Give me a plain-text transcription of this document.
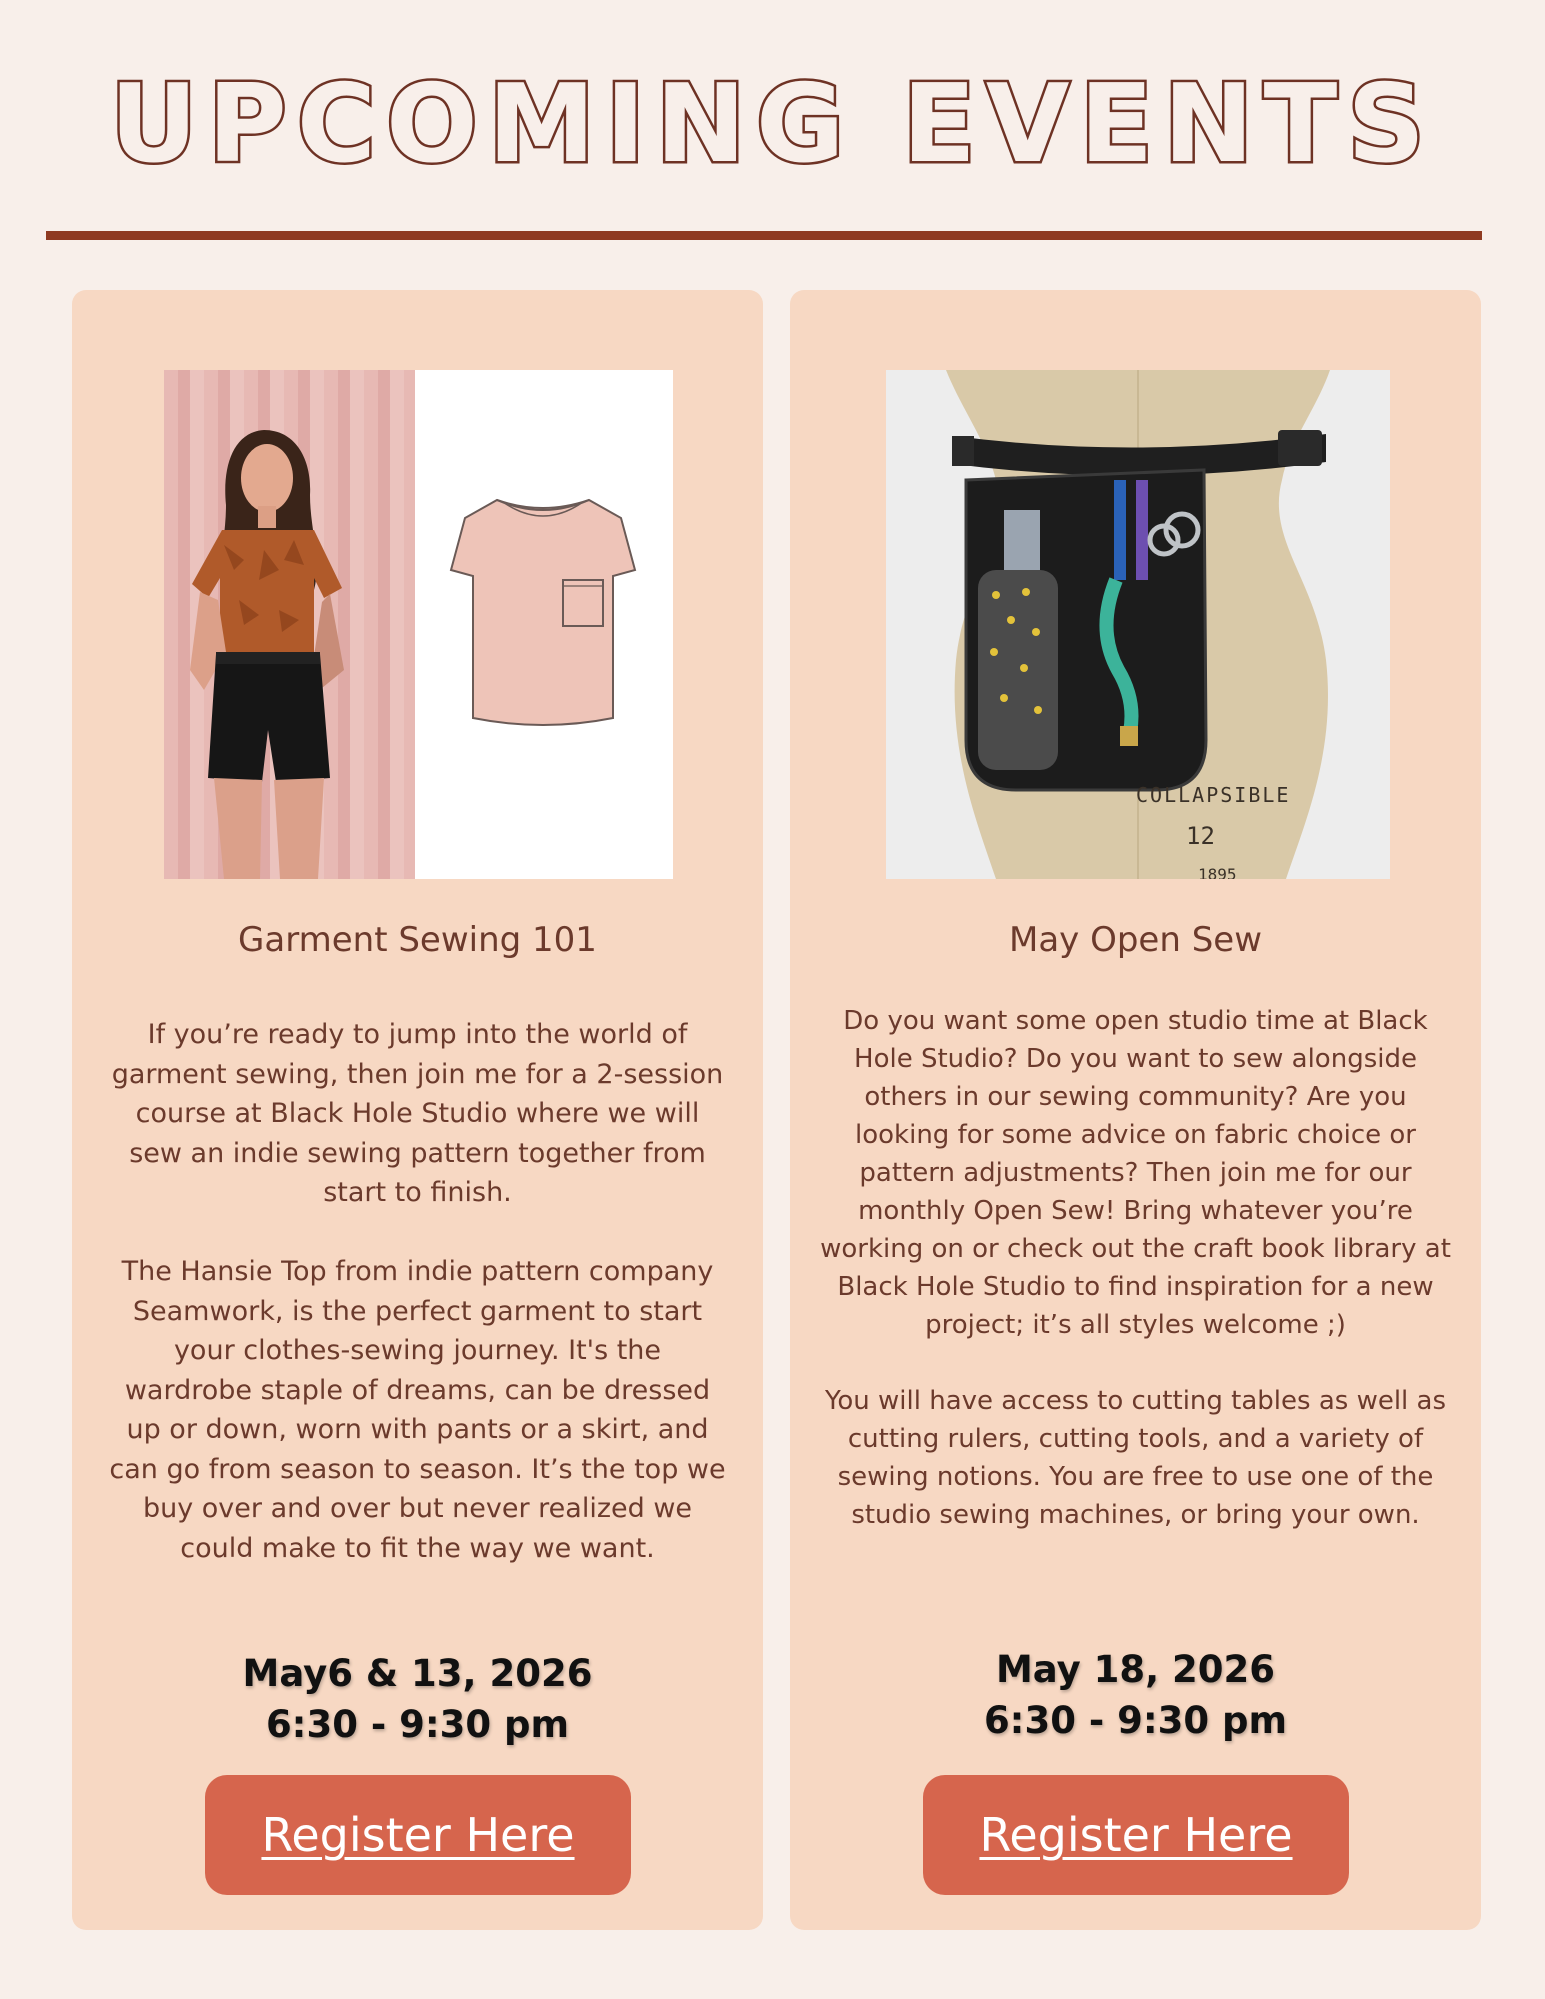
UPCOMING EVENTS
Garment Sewing 101

If you’re ready to jump into the world of garment sewing, then join me for a 2-session course at Black Hole Studio where we will sew an indie sewing pattern together from start to finish.

The Hansie Top from indie pattern company Seamwork, is the perfect garment to start your clothes-sewing journey. It's the wardrobe staple of dreams, can be dressed up or down, worn with pants or a skirt, and can go from season to season. It’s the top we buy over and over but never realized we could make to fit the way we want.

May6 & 13, 2026
6:30 - 9:30 pm
Register Here
COLLAPSIBLE
12
1895
May Open Sew

Do you want some open studio time at Black Hole Studio? Do you want to sew alongside others in our sewing community? Are you looking for some advice on fabric choice or pattern adjustments? Then join me for our monthly Open Sew! Bring whatever you’re working on or check out the craft book library at Black Hole Studio to find inspiration for a new project; it’s all styles welcome ;)

You will have access to cutting tables as well as cutting rulers, cutting tools, and a variety of sewing notions. You are free to use one of the studio sewing machines, or bring your own.

May 18, 2026
6:30 - 9:30 pm
Register Here
